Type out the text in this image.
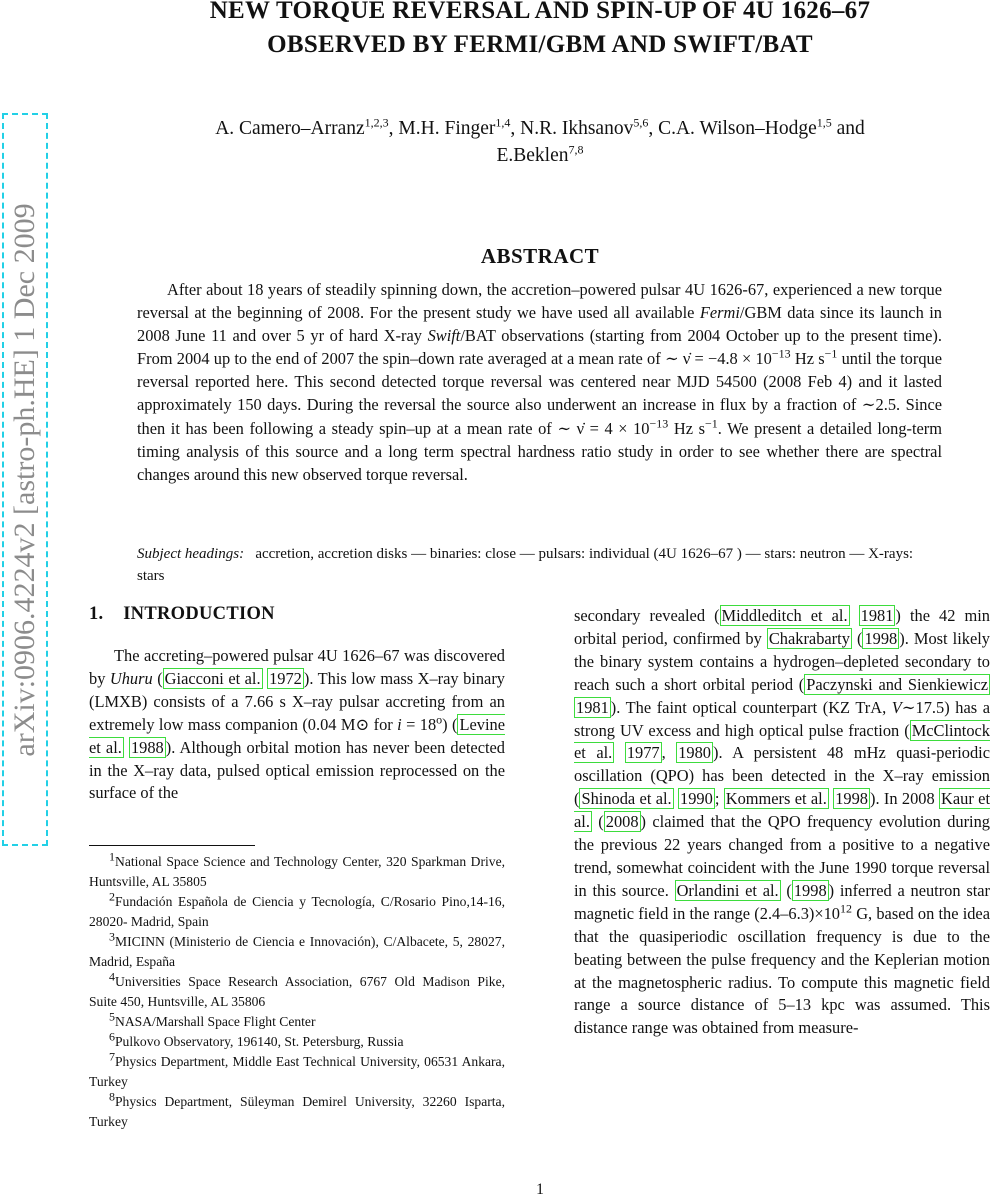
NEW TORQUE REVERSAL AND SPIN-UP OF 4U 1626–67
OBSERVED BY FERMI/GBM AND SWIFT/BAT
A. Camero–Arranz$^{1,2,3}$, M.H. Finger$^{1,4}$, N.R. Ikhsanov$^{5,6}$, C.A. Wilson–Hodge$^{1,5}$ and
E.Beklen$^{7,8}$
arXiv:0906.4224v2 [astro-ph.HE] 1 Dec 2009	ABSTRACT
After about 18 years of steadily spinning down, the accretion–powered pulsar 4U 1626-67, experienced a new torque reversal at the beginning of 2008. For the present study we have used all available Fermi/GBM data since its launch in 2008 June 11 and over 5 yr of hard X-ray Swift/BAT observations (starting from 2004 October up to the present time). From 2004 up to the end of 2007 the spin–down rate averaged at a mean rate of ∼ ν̇ = $-4.8 \times 10^{-13}$ Hz $s^{-1}$ until the torque reversal reported here. This second detected torque reversal was centered near MJD 54500 (2008 Feb 4) and it lasted approximately 150 days. During the reversal the source also underwent an increase in flux by a fraction of ∼2.5. Since then it has been following a steady spin–up at a mean rate of ∼ ν̇ = $4 \times 10^{-13}$ Hz $s^{-1}$. We present a detailed long-term timing analysis of this source and a long term spectral hardness ratio study in order to see whether there are spectral changes around this new observed torque reversal.
Subject headings: accretion, accretion disks — binaries: close — pulsars: individual (4U 1626–67 ) — stars: neutron — X-rays: stars
1. INTRODUCTION
The accreting–powered pulsar 4U 1626–67 was discovered by Uhuru ( Giacconi et al. 1972 ). This low mass X–ray binary (LMXB) consists of a 7.66 s X–ray pulsar accreting from an extremely low mass companion (0.04 M⊙ for $i = 18^o$) ( Levine et al. 1988 ). Although orbital motion has never been detected in the X–ray data, pulsed optical emission reprocessed on the surface of the

$^1$National Space Science and Technology Center, 320 Sparkman Drive, Huntsville, AL 35805

$^2$Fundación Española de Ciencia y Tecnología, C/Rosario Pino,14-16, 28020- Madrid, Spain

$^3$MICINN (Ministerio de Ciencia e Innovación), C/Albacete, 5, 28027, Madrid, España

$^4$Universities Space Research Association, 6767 Old Madison Pike, Suite 450, Huntsville, AL 35806

$^5$NASA/Marshall Space Flight Center

$^6$Pulkovo Observatory, 196140, St. Petersburg, Russia

$^7$Physics Department, Middle East Technical University, 06531 Ankara, Turkey

$^8$Physics Department, Süleyman Demirel University, 32260 Isparta, Turkey

secondary revealed ( Middleditch et al. 1981 ) the 42 min orbital period, confirmed by Chakrabarty ( 1998 ). Most likely the binary system contains a hydrogen–depleted secondary to reach such a short orbital period ( Paczynski and Sienkiewicz 1981 ). The faint optical counterpart (KZ TrA, V∼17.5) has a strong UV excess and high optical pulse fraction ( McClintock et al. 1977 , 1980 ). A persistent 48 mHz quasi-periodic oscillation (QPO) has been detected in the X–ray emission ( Shinoda et al. 1990 ; Kommers et al. 1998 ). In 2008 Kaur et al. ( 2008 ) claimed that the QPO frequency evolution during the previous 22 years changed from a positive to a negative trend, somewhat coincident with the June 1990 torque reversal in this source. Orlandini et al. ( 1998 ) inferred a neutron star magnetic field in the range $(2.4-6.3)\times 10^{12}$ G, based on the idea that the quasiperiodic oscillation frequency is due to the beating between the pulse frequency and the Keplerian motion at the magnetospheric radius. To compute this magnetic field range a source distance of 5–13 kpc was assumed. This distance range was obtained from measure-
1
